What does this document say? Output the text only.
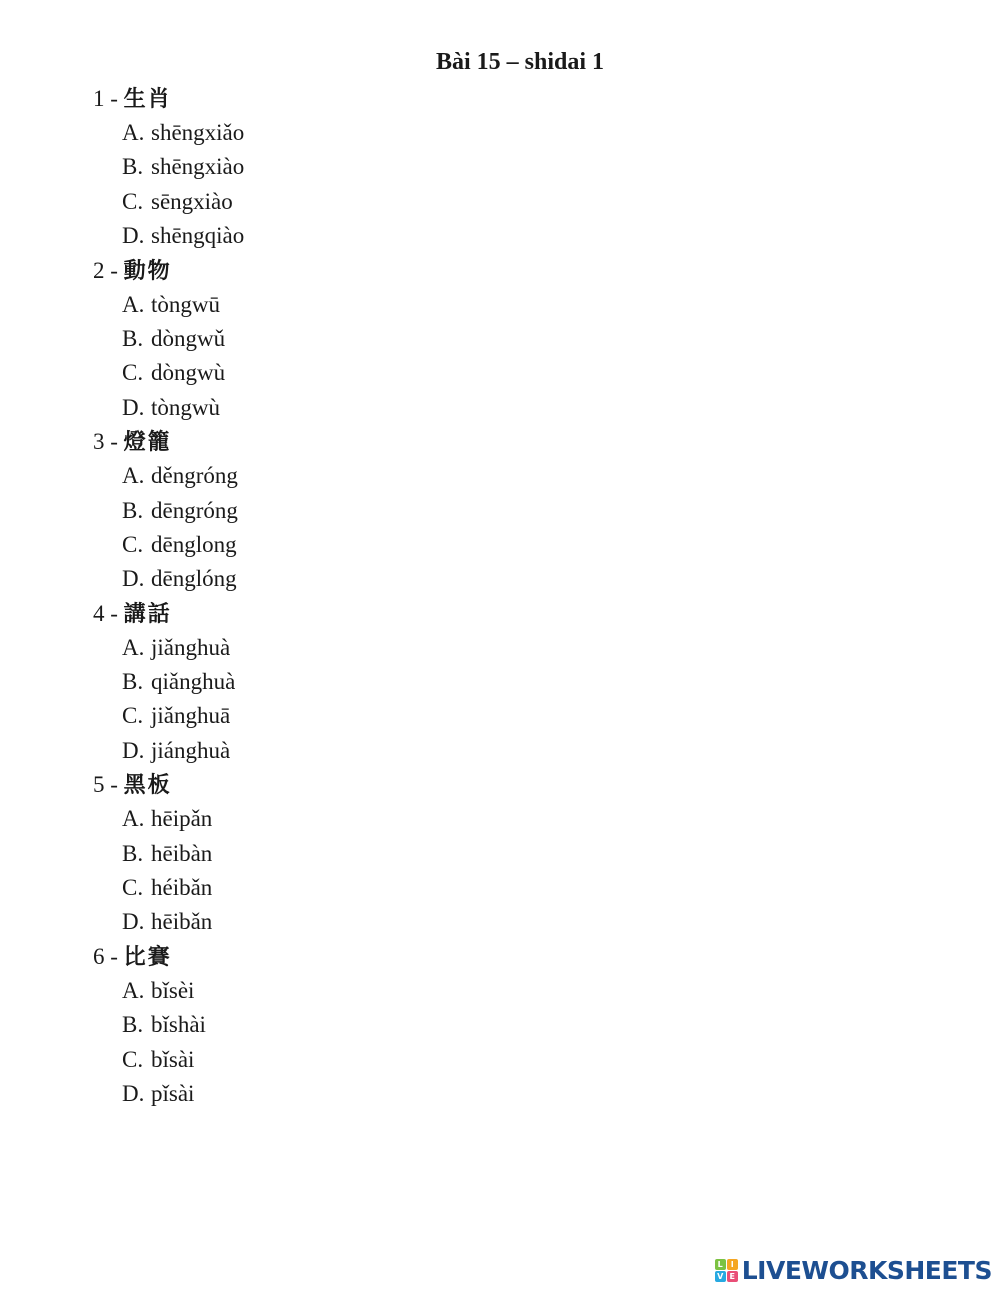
Bài 15 – shidai 1
1 - 生肖
A. shēngxiǎo
B. shēngxiào
C. sēngxiào
D. shēngqiào
2 - 動物
A. tòngwū
B. dòngwǔ
C. dòngwù
D. tòngwù
3 - 燈籠
A. děngróng
B. dēngróng
C. dēnglong
D. dēnglóng
4 - 講話
A. jiǎnghuà
B. qiǎnghuà
C. jiǎnghuā
D. jiánghuà
5 - 黑板
A. hēipǎn
B. hēibàn
C. héibǎn
D. hēibǎn
6 - 比賽
A. bǐsèi
B. bǐshài
C. bǐsài
D. pǐsài
L I
V E LIVEWORKSHEETS
